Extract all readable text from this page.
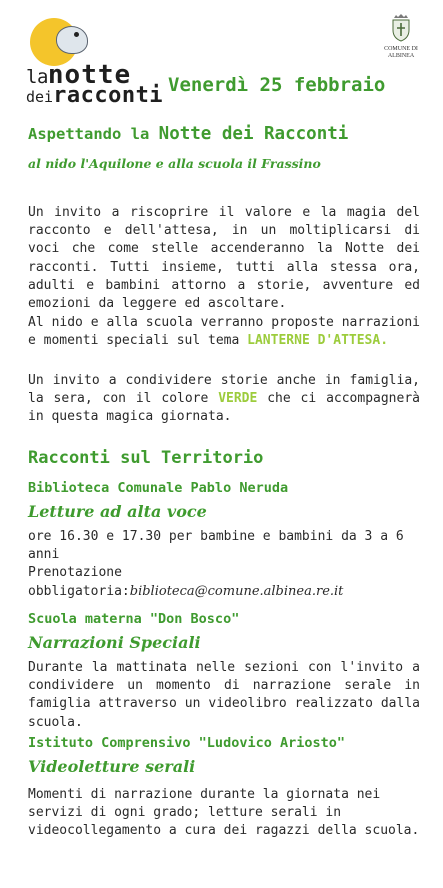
lanotte
deiracconti
COMUNE DI ALBINEA
Venerdì 25 febbraio
Aspettando la Notte dei Racconti
al nido l'Aquilone e alla scuola il Frassino
Un invito a riscoprire il valore e la magia del racconto e dell'attesa, in un moltiplicarsi di voci che come stelle accenderanno la Notte dei racconti. Tutti insieme, tutti alla stessa ora, adulti e bambini attorno a storie, avventure ed emozioni da leggere ed ascoltare.
Al nido e alla scuola verranno proposte narrazioni e momenti speciali sul tema LANTERNE D'ATTESA.
Un invito a condividere storie anche in famiglia, la sera, con il colore VERDE che ci accompagnerà in questa magica giornata.
Racconti sul Territorio
Biblioteca Comunale Pablo Neruda
Letture ad alta voce
ore 16.30 e 17.30 per bambine e bambini da 3 a 6 anni
Prenotazione
obbligatoria:biblioteca@comune.albinea.re.it
Scuola materna "Don Bosco"
Narrazioni Speciali
Durante la mattinata nelle sezioni con l'invito a condividere un momento di narrazione serale in famiglia attraverso un videolibro realizzato dalla scuola.
Istituto Comprensivo "Ludovico Ariosto"
Videoletture serali
Momenti di narrazione durante la giornata nei servizi di ogni grado; letture serali in videocollegamento a cura dei ragazzi della scuola.
